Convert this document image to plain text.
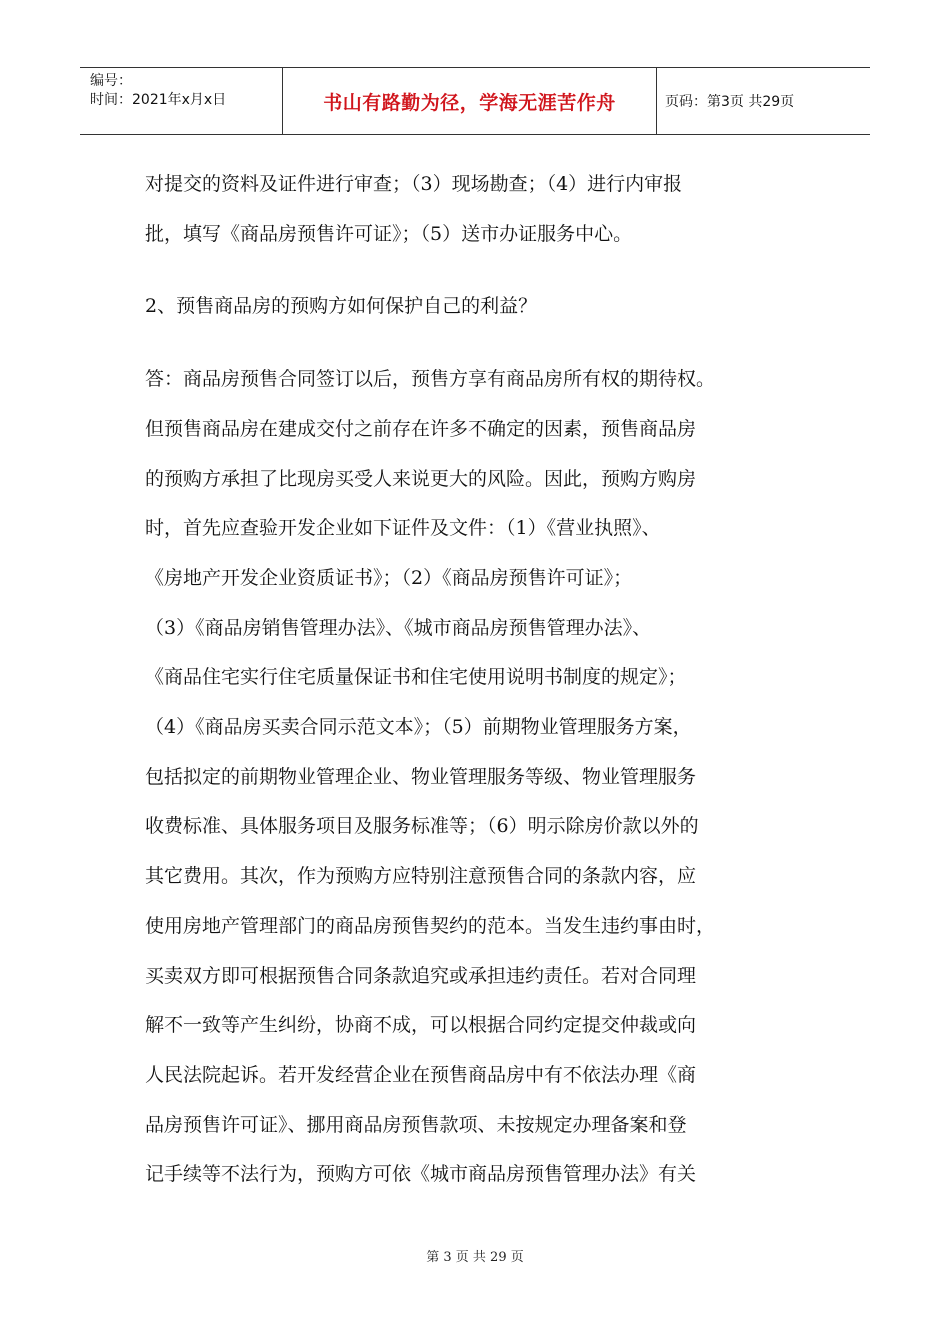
编号：
时间：2021年x月x日	书山有路勤为径，学海无涯苦作舟	页码：第3页 共29页

对提交的资料及证件进行审查；（3）现场勘查；（4）进行内审报

批，填写《商品房预售许可证》；（5）送市办证服务中心。

2、预售商品房的预购方如何保护自己的利益？

答：商品房预售合同签订以后，预售方享有商品房所有权的期待权。

但预售商品房在建成交付之前存在许多不确定的因素，预售商品房

的预购方承担了比现房买受人来说更大的风险。因此，预购方购房

时，首先应查验开发企业如下证件及文件：（1）《营业执照》、

《房地产开发企业资质证书》；（2）《商品房预售许可证》；

（3）《商品房销售管理办法》、《城市商品房预售管理办法》、

《商品住宅实行住宅质量保证书和住宅使用说明书制度的规定》；

（4）《商品房买卖合同示范文本》；（5）前期物业管理服务方案，

包括拟定的前期物业管理企业、物业管理服务等级、物业管理服务

收费标准、具体服务项目及服务标准等；（6）明示除房价款以外的

其它费用。其次，作为预购方应特别注意预售合同的条款内容，应

使用房地产管理部门的商品房预售契约的范本。当发生违约事由时，

买卖双方即可根据预售合同条款追究或承担违约责任。若对合同理

解不一致等产生纠纷，协商不成，可以根据合同约定提交仲裁或向

人民法院起诉。若开发经营企业在预售商品房中有不依法办理《商

品房预售许可证》、挪用商品房预售款项、未按规定办理备案和登

记手续等不法行为，预购方可依《城市商品房预售管理办法》有关

第 3 页 共 29 页
